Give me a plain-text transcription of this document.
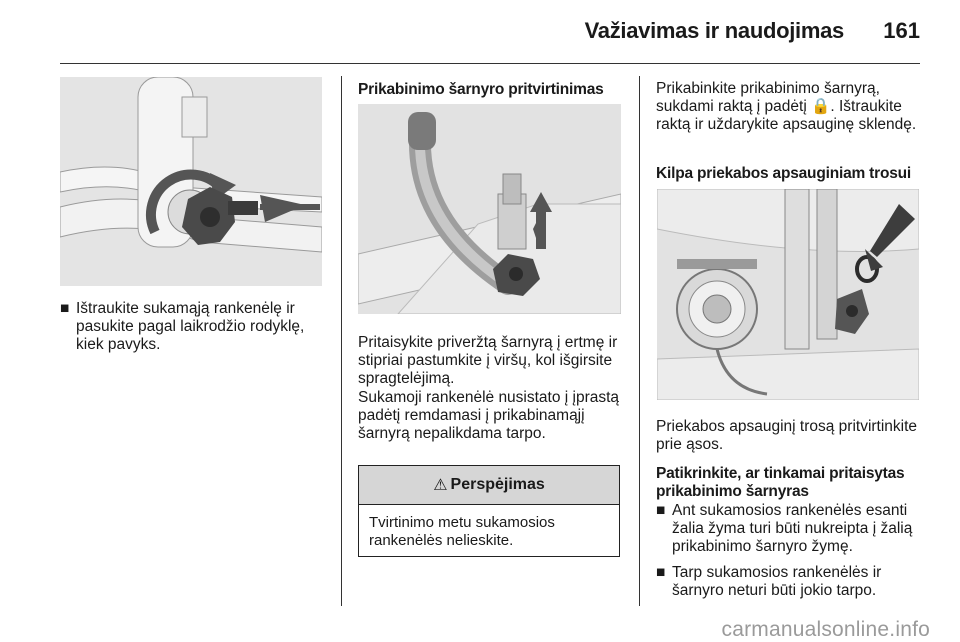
Važiavimas ir naudojimas	161
■ Ištraukite sukamąją rankenėlę ir pasukite pagal laikrodžio rodyklę, kiek pavyks.
Prikabinimo šarnyro pritvirtinimas
Pritaisykite priveržtą šarnyrą į ertmę ir stipriai pastumkite į viršų, kol išgirsite spragtelėjimą.
Sukamoji rankenėlė nusistato į įprastą padėtį remdamasi į prikabinamąjį šarnyrą nepalikdama tarpo.
⚠ Perspėjimas
Tvirtinimo metu sukamosios rankenėlės nelieskite.
Prikabinkite prikabinimo šarnyrą, sukdami raktą į padėtį 🔒. Ištraukite raktą ir uždarykite apsauginę sklendę.
Kilpa priekabos apsauginiam trosui
Priekabos apsauginį trosą pritvirtinkite prie ąsos.
Patikrinkite, ar tinkamai pritaisytas prikabinimo šarnyras
■ Ant sukamosios rankenėlės esanti žalia žyma turi būti nukreipta į žalią prikabinimo šarnyro žymę.
■ Tarp sukamosios rankenėlės ir šarnyro neturi būti jokio tarpo.
carmanualsonline.info
